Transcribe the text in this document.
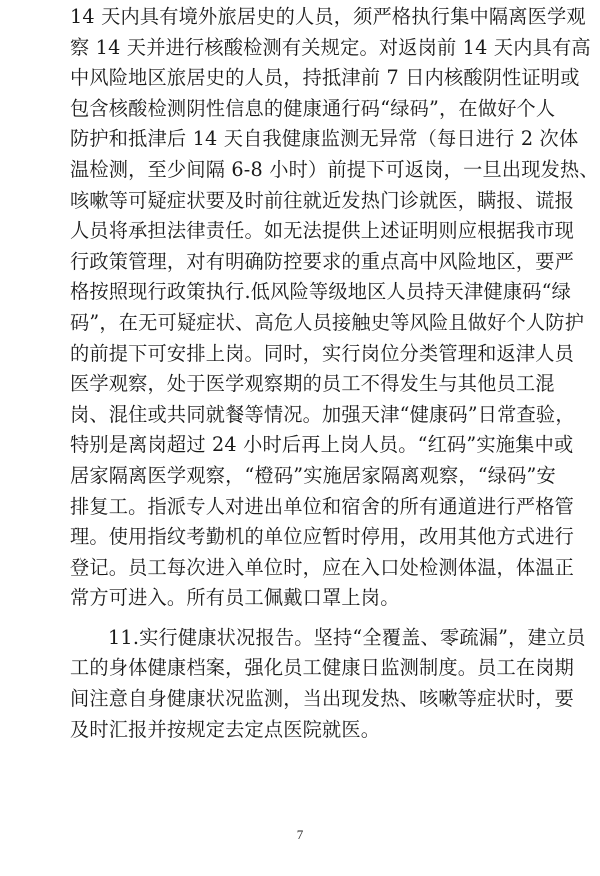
14 天内具有境外旅居史的人员，须严格执行集中隔离医学观
察 14 天并进行核酸检测有关规定。对返岗前 14 天内具有高
中风险地区旅居史的人员，持抵津前 7 日内核酸阴性证明或
包含核酸检测阴性信息的健康通行码“绿码”，在做好个人
防护和抵津后 14 天自我健康监测无异常（每日进行 2 次体
温检测，至少间隔 6-8 小时）前提下可返岗，一旦出现发热、
咳嗽等可疑症状要及时前往就近发热门诊就医，瞒报、谎报
人员将承担法律责任。如无法提供上述证明则应根据我市现
行政策管理，对有明确防控要求的重点高中风险地区，要严
格按照现行政策执行.低风险等级地区人员持天津健康码“绿
码”，在无可疑症状、高危人员接触史等风险且做好个人防护
的前提下可安排上岗。同时，实行岗位分类管理和返津人员
医学观察，处于医学观察期的员工不得发生与其他员工混
岗、混住或共同就餐等情况。加强天津“健康码”日常查验，
特别是离岗超过 24 小时后再上岗人员。“红码”实施集中或
居家隔离医学观察，“橙码”实施居家隔离观察，“绿码”安
排复工。指派专人对进出单位和宿舍的所有通道进行严格管
理。使用指纹考勤机的单位应暂时停用，改用其他方式进行
登记。员工每次进入单位时，应在入口处检测体温，体温正
常方可进入。所有员工佩戴口罩上岗。
11.实行健康状况报告。坚持“全覆盖、零疏漏”，建立员
工的身体健康档案，强化员工健康日监测制度。员工在岗期
间注意自身健康状况监测，当出现发热、咳嗽等症状时，要
及时汇报并按规定去定点医院就医。
7
